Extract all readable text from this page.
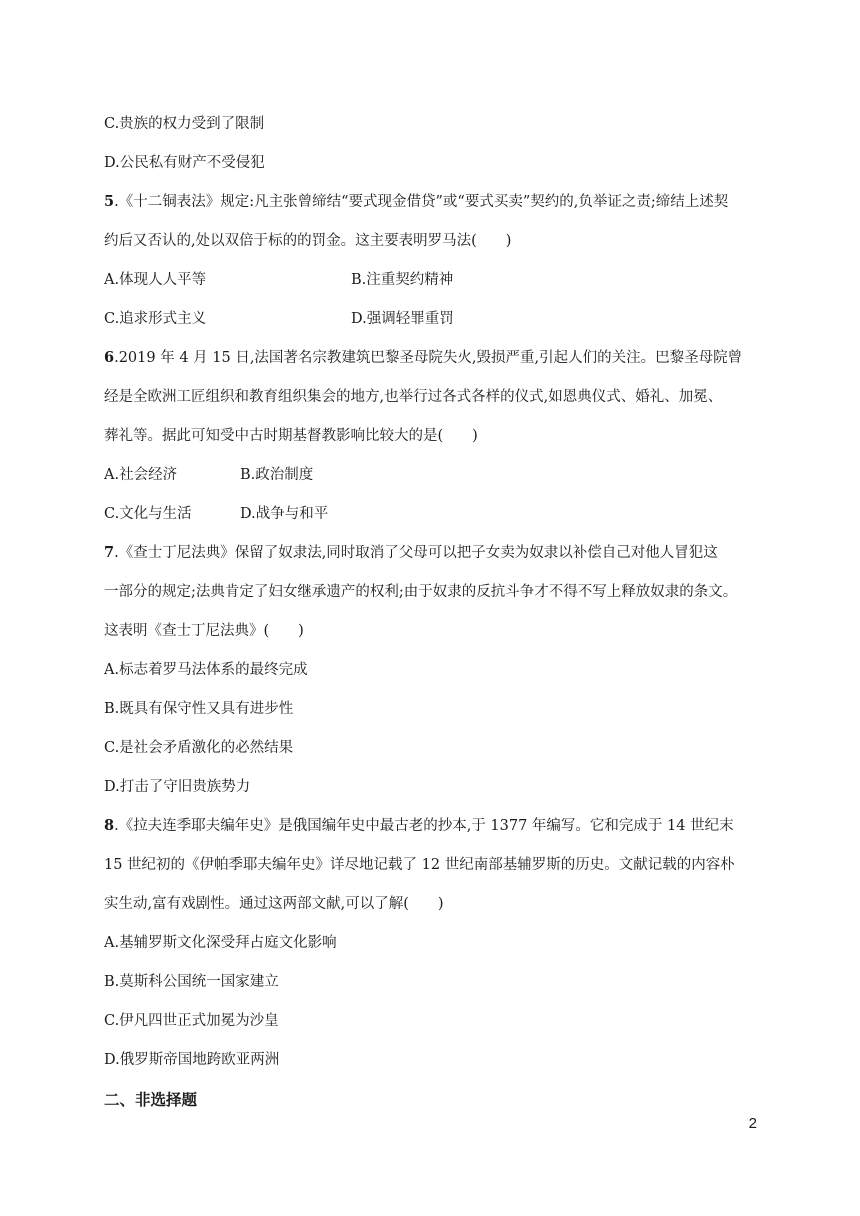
C.贵族的权力受到了限制
D.公民私有财产不受侵犯
5.《十二铜表法》规定:凡主张曾缔结“要式现金借贷”或“要式买卖”契约的,负举证之责;缔结上述契
约后又否认的,处以双倍于标的的罚金。这主要表明罗马法(　　)
A.体现人人平等	B.注重契约精神
C.追求形式主义	D.强调轻罪重罚
6.2019 年 4 月 15 日,法国著名宗教建筑巴黎圣母院失火,毁损严重,引起人们的关注。巴黎圣母院曾
经是全欧洲工匠组织和教育组织集会的地方,也举行过各式各样的仪式,如恩典仪式、婚礼、加冕、
葬礼等。据此可知受中古时期基督教影响比较大的是(　　)
A.社会经济	B.政治制度
C.文化与生活	D.战争与和平
7.《查士丁尼法典》保留了奴隶法,同时取消了父母可以把子女卖为奴隶以补偿自己对他人冒犯这
一部分的规定;法典肯定了妇女继承遗产的权利;由于奴隶的反抗斗争才不得不写上释放奴隶的条文。
这表明《查士丁尼法典》(　　)
A.标志着罗马法体系的最终完成
B.既具有保守性又具有进步性
C.是社会矛盾激化的必然结果
D.打击了守旧贵族势力
8.《拉夫连季耶夫编年史》是俄国编年史中最古老的抄本,于 1377 年编写。它和完成于 14 世纪末
15 世纪初的《伊帕季耶夫编年史》详尽地记载了 12 世纪南部基辅罗斯的历史。文献记载的内容朴
实生动,富有戏剧性。通过这两部文献,可以了解(　　)
A.基辅罗斯文化深受拜占庭文化影响
B.莫斯科公国统一国家建立
C.伊凡四世正式加冕为沙皇
D.俄罗斯帝国地跨欧亚两洲
二、非选择题
2
